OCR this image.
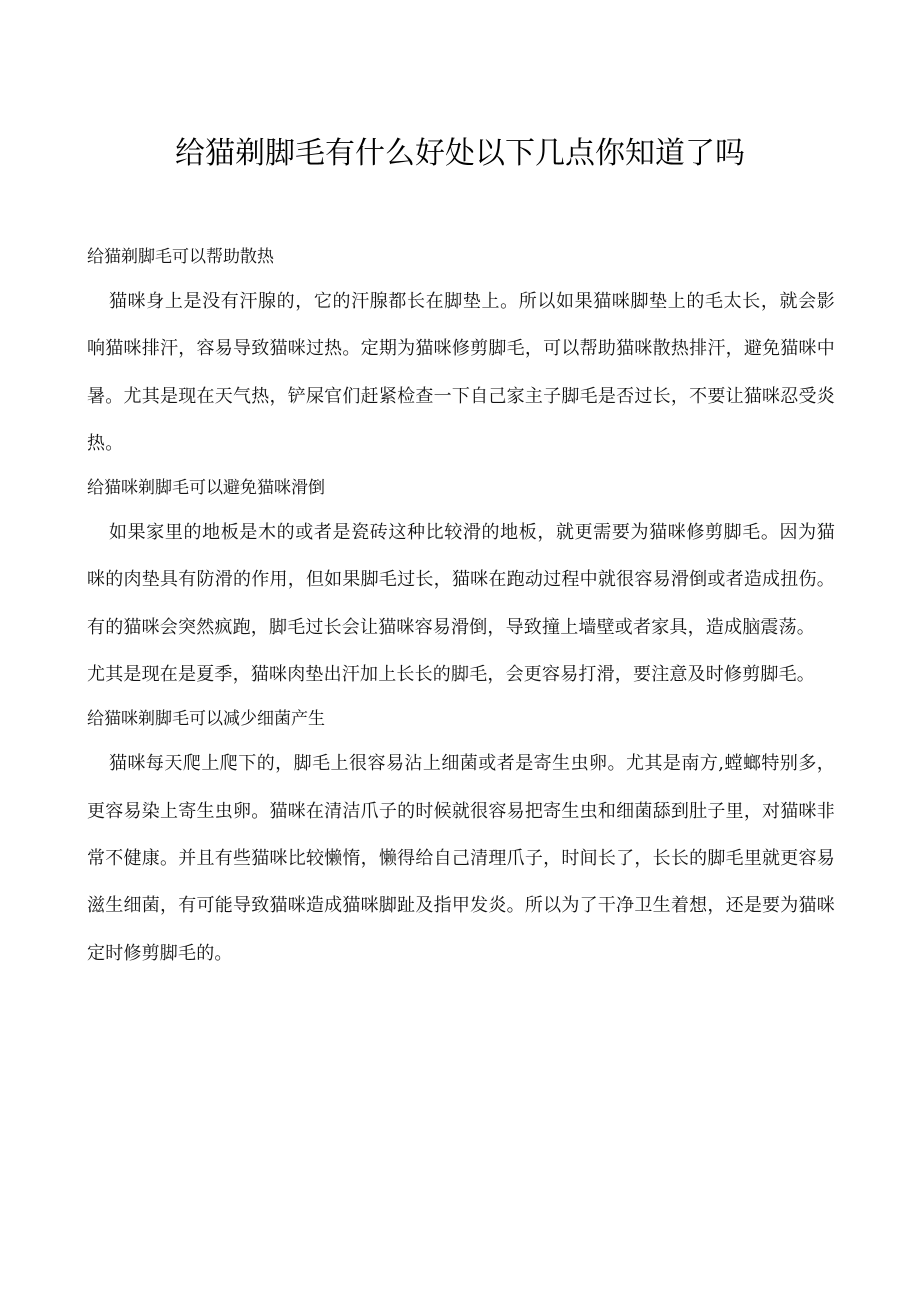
给猫剃脚毛有什么好处以下几点你知道了吗

给猫剃脚毛可以帮助散热

猫咪身上是没有汗腺的，它的汗腺都长在脚垫上。所以如果猫咪脚垫上的毛太长，就会影响猫咪排汗，容易导致猫咪过热。定期为猫咪修剪脚毛，可以帮助猫咪散热排汗，避免猫咪中暑。尤其是现在天气热，铲屎官们赶紧检查一下自己家主子脚毛是否过长，不要让猫咪忍受炎热。

给猫咪剃脚毛可以避免猫咪滑倒

如果家里的地板是木的或者是瓷砖这种比较滑的地板，就更需要为猫咪修剪脚毛。因为猫咪的肉垫具有防滑的作用，但如果脚毛过长，猫咪在跑动过程中就很容易滑倒或者造成扭伤。有的猫咪会突然疯跑，脚毛过长会让猫咪容易滑倒，导致撞上墙壁或者家具，造成脑震荡。

尤其是现在是夏季，猫咪肉垫出汗加上长长的脚毛，会更容易打滑，要注意及时修剪脚毛。

给猫咪剃脚毛可以减少细菌产生

猫咪每天爬上爬下的，脚毛上很容易沾上细菌或者是寄生虫卵。尤其是南方,螳螂特别多，更容易染上寄生虫卵。猫咪在清洁爪子的时候就很容易把寄生虫和细菌舔到肚子里，对猫咪非常不健康。并且有些猫咪比较懒惰，懒得给自己清理爪子，时间长了，长长的脚毛里就更容易滋生细菌，有可能导致猫咪造成猫咪脚趾及指甲发炎。所以为了干净卫生着想，还是要为猫咪定时修剪脚毛的。
